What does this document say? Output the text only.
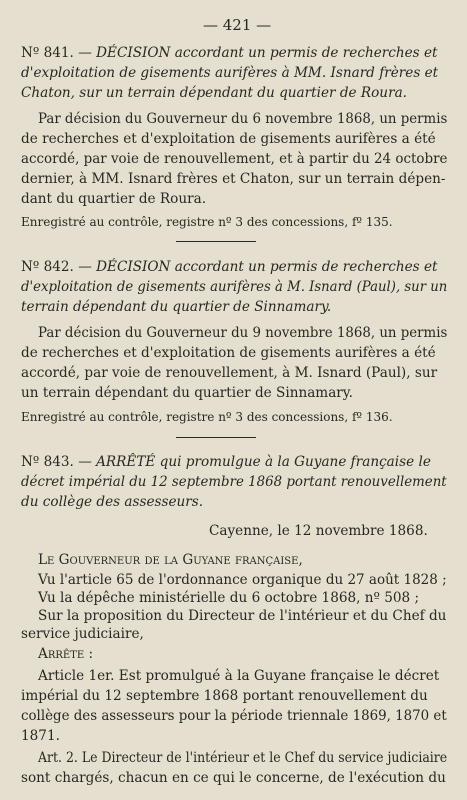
— 421 —
Nº 841. — DÉCISION accordant un permis de recherches et
d'exploitation de gisements aurifères à MM. Isnard frères et
Chaton, sur un terrain dépendant du quartier de Roura.
Par décision du Gouverneur du 6 novembre 1868, un permis
de recherches et d'exploitation de gisements aurifères a été
accordé, par voie de renouvellement, et à partir du 24 octobre
dernier, à MM. Isnard frères et Chaton, sur un terrain dépen-
dant du quartier de Roura.
Enregistré au contrôle, registre nº 3 des concessions, fº 135.
Nº 842. — DÉCISION accordant un permis de recherches et
d'exploitation de gisements aurifères à M. Isnard (Paul), sur un
terrain dépendant du quartier de Sinnamary.
Par décision du Gouverneur du 9 novembre 1868, un permis
de recherches et d'exploitation de gisements aurifères a été
accordé, par voie de renouvellement, à M. Isnard (Paul), sur
un terrain dépendant du quartier de Sinnamary.
Enregistré au contrôle, registre nº 3 des concessions, fº 136.
Nº 843. — ARRÊTÉ qui promulgue à la Guyane française le
décret impérial du 12 septembre 1868 portant renouvellement
du collège des assesseurs.
Cayenne, le 12 novembre 1868.
Le Gouverneur de la Guyane française,
Vu l'article 65 de l'ordonnance organique du 27 août 1828 ;
Vu la dépêche ministérielle du 6 octobre 1868, nº 508 ;
Sur la proposition du Directeur de l'intérieur et du Chef du
service judiciaire,
Arrête :
Article 1er. Est promulgué à la Guyane française le décret
impérial du 12 septembre 1868 portant renouvellement du
collège des assesseurs pour la période triennale 1869, 1870 et
1871.
Art. 2. Le Directeur de l'intérieur et le Chef du service judiciaire
sont chargés, chacun en ce qui le concerne, de l'exécution du
